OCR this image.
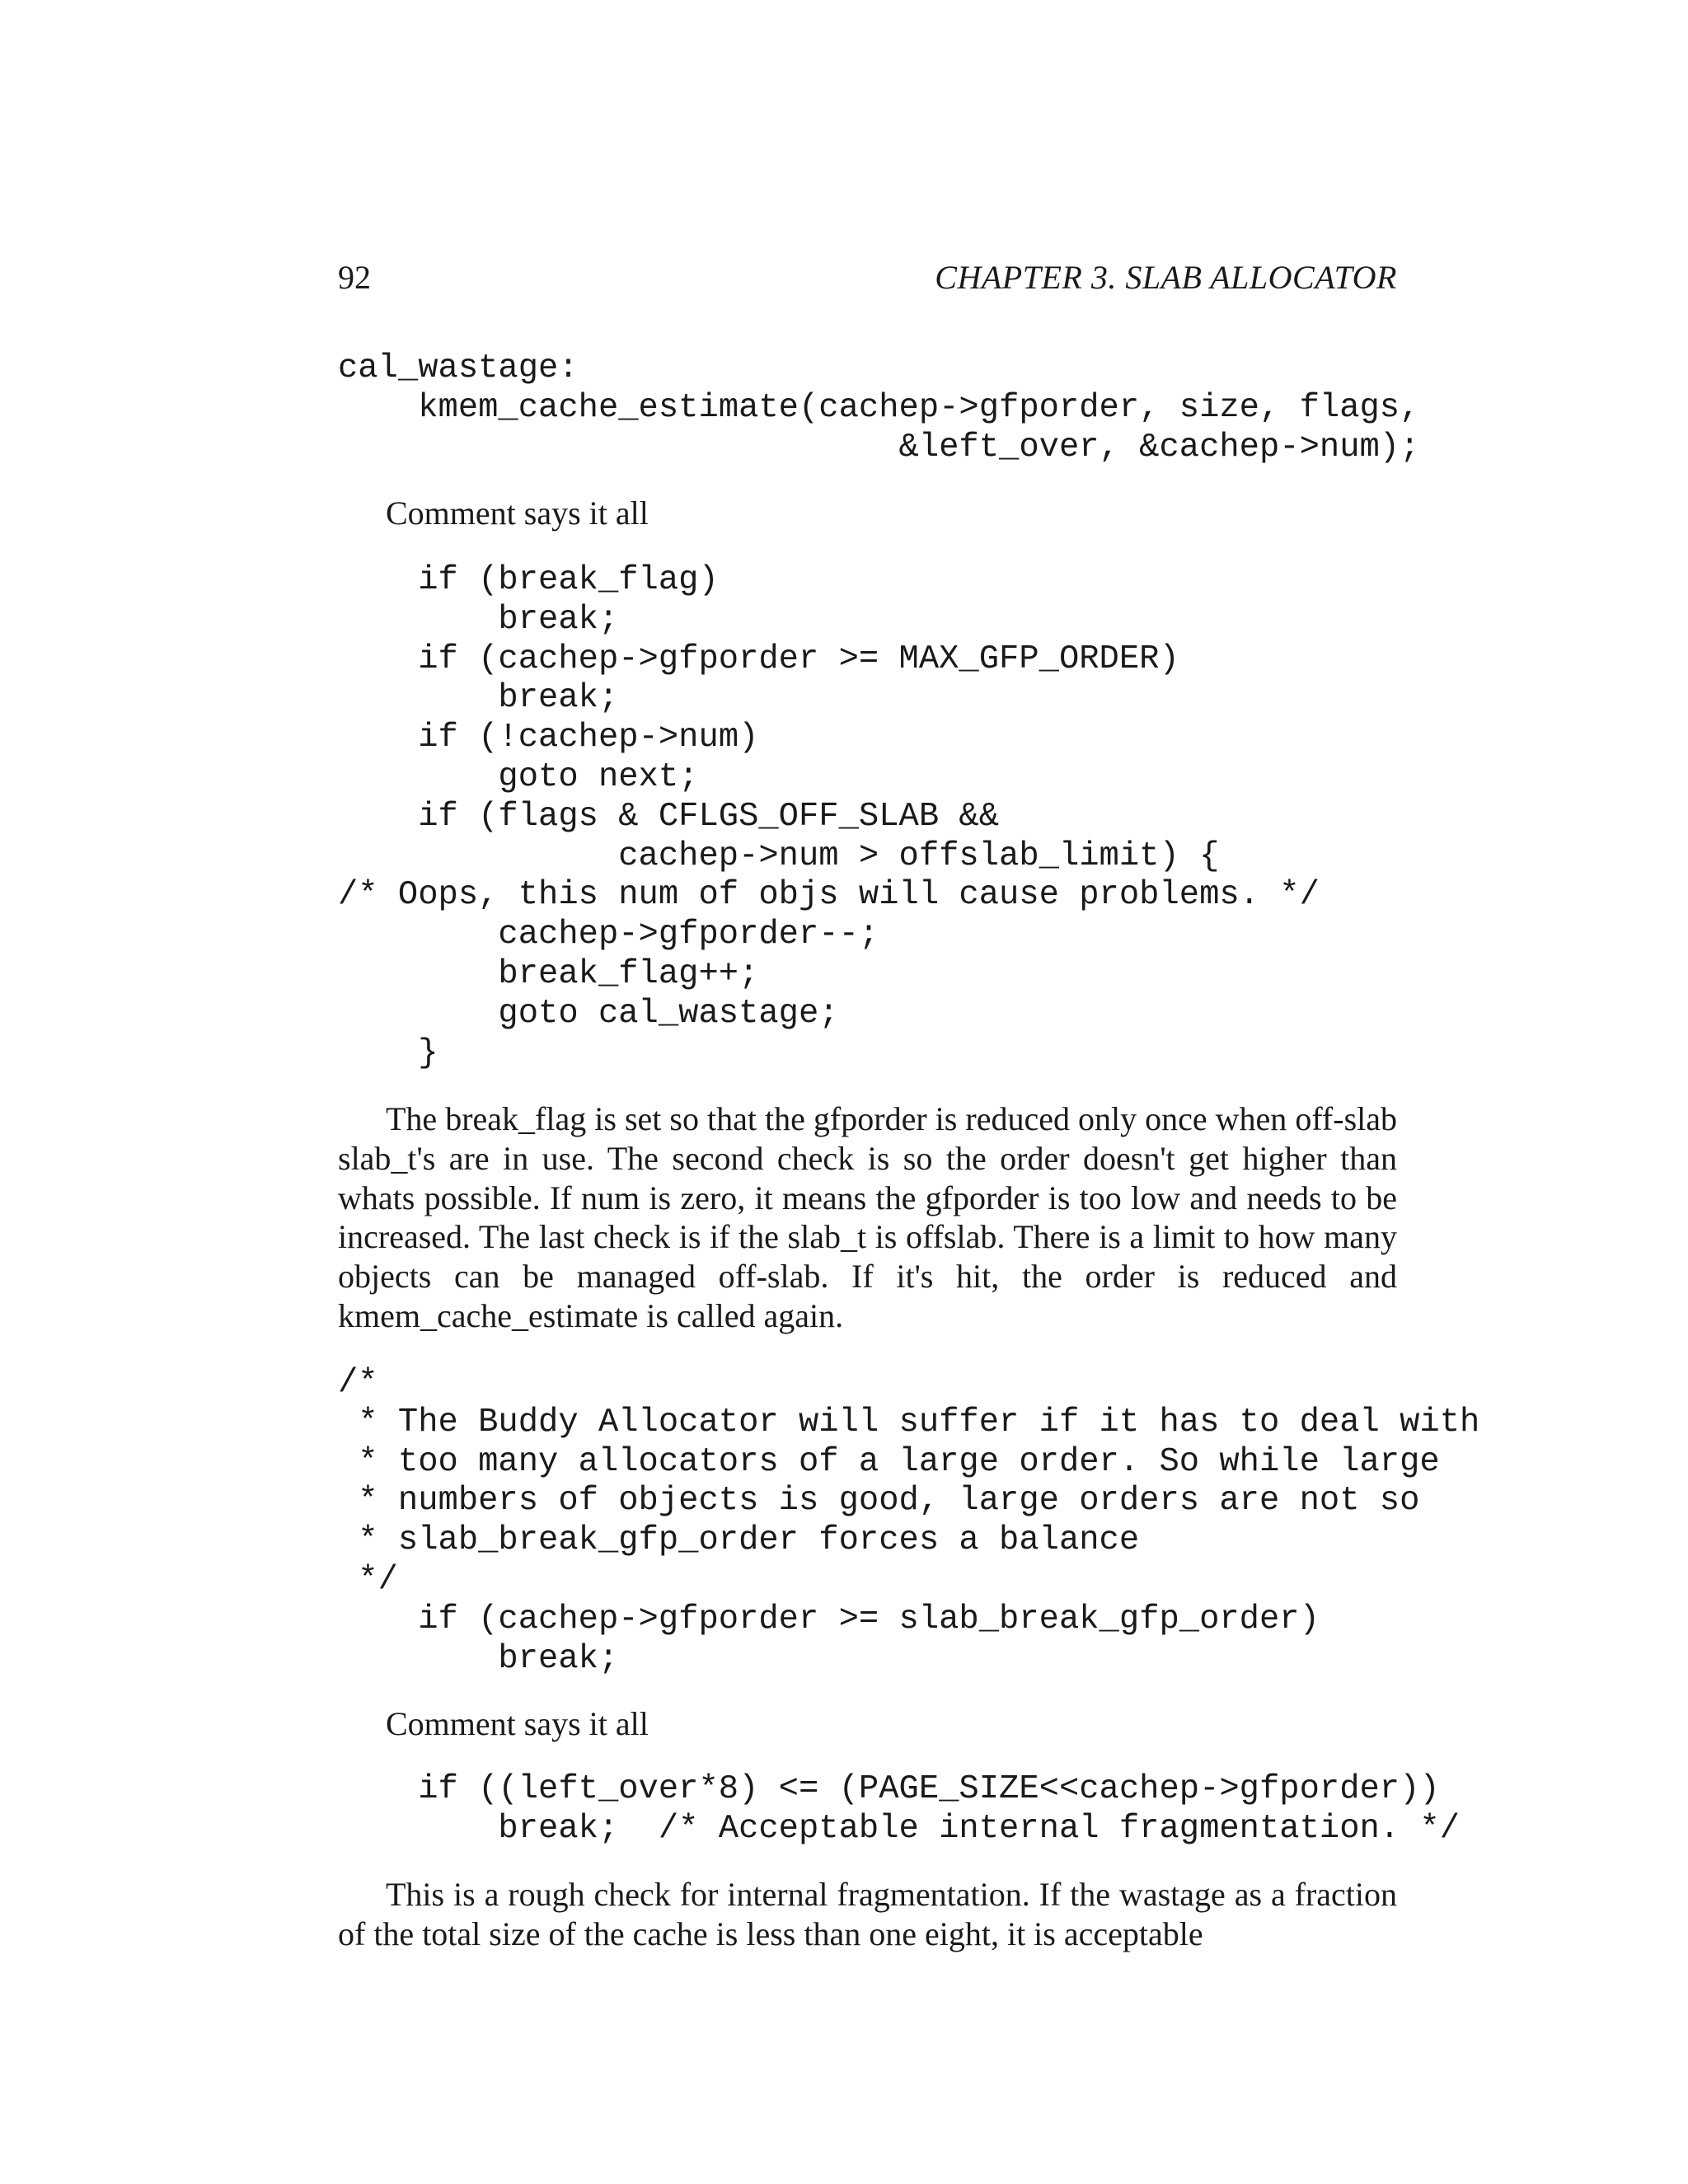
92	CHAPTER 3. SLAB ALLOCATOR
cal_wastage:
kmem_cache_estimate(cachep->gfporder, size, flags,
&left_over, &cachep->num);

Comment says it all

if (break_flag)
break;
if (cachep->gfporder >= MAX_GFP_ORDER)
break;
if (!cachep->num)
goto next;
if (flags & CFLGS_OFF_SLAB &&
cachep->num > offslab_limit) {
/* Oops, this num of objs will cause problems. */
cachep->gfporder--;
break_flag++;
goto cal_wastage;
}

The break_flag is set so that the gfporder is reduced only once when off-slab slab_t's are in use. The second check is so the order doesn't get higher than whats possible. If num is zero, it means the gfporder is too low and needs to be increased. The last check is if the slab_t is offslab. There is a limit to how many objects can be managed off-slab. If it's hit, the order is reduced and kmem_cache_estimate is called again.

/*
* The Buddy Allocator will suffer if it has to deal with
* too many allocators of a large order. So while large
* numbers of objects is good, large orders are not so
* slab_break_gfp_order forces a balance
*/
if (cachep->gfporder >= slab_break_gfp_order)
break;

Comment says it all

if ((left_over*8) <= (PAGE_SIZE<<cachep->gfporder))
break;  /* Acceptable internal fragmentation. */

This is a rough check for internal fragmentation. If the wastage as a fraction of the total size of the cache is less than one eight, it is acceptable
